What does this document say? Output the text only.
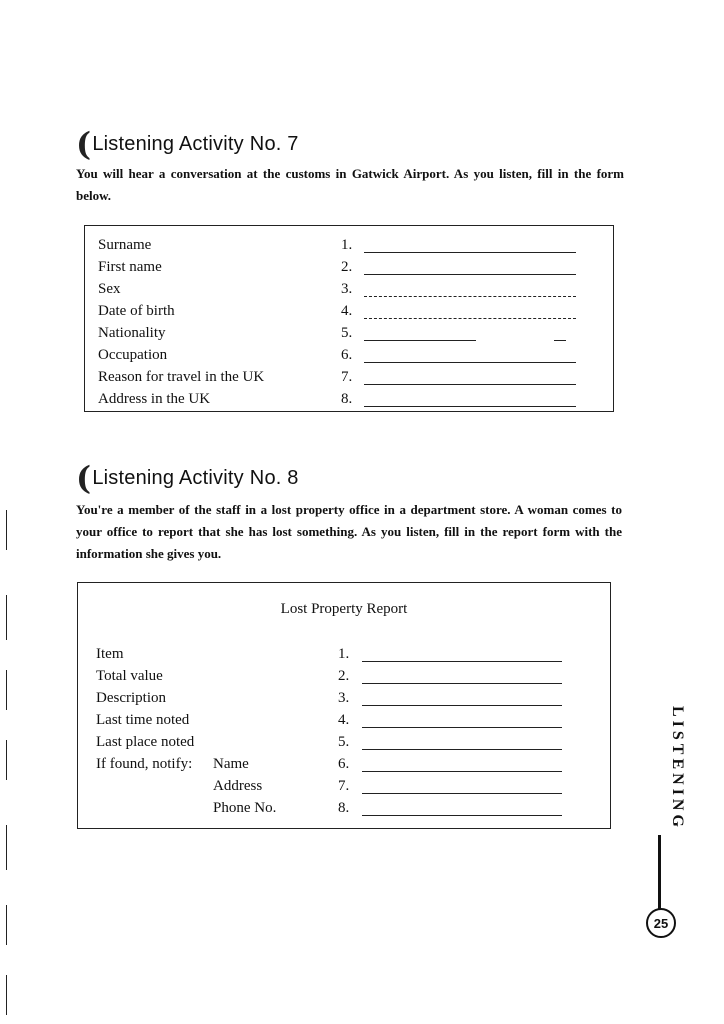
( Listening Activity No. 7
You will hear a conversation at the customs in Gatwick Airport. As you listen, fill in the form below.
Surname	1.
First name	2.
Sex	3.
Date of birth	4.
Nationality	5.
Occupation	6.
Reason for travel in the UK	7.
Address in the UK	8.
( Listening Activity No. 8
You're a member of the staff in a lost property office in a department store. A woman comes to your office to report that she has lost something. As you listen, fill in the report form with the information she gives you.
Lost Property Report
Item	1.
Total value	2.
Description	3.
Last time noted	4.
Last place noted	5.
If found, notify: Name	6.
Address	7.
Phone No.	8.	LISTENING
25
